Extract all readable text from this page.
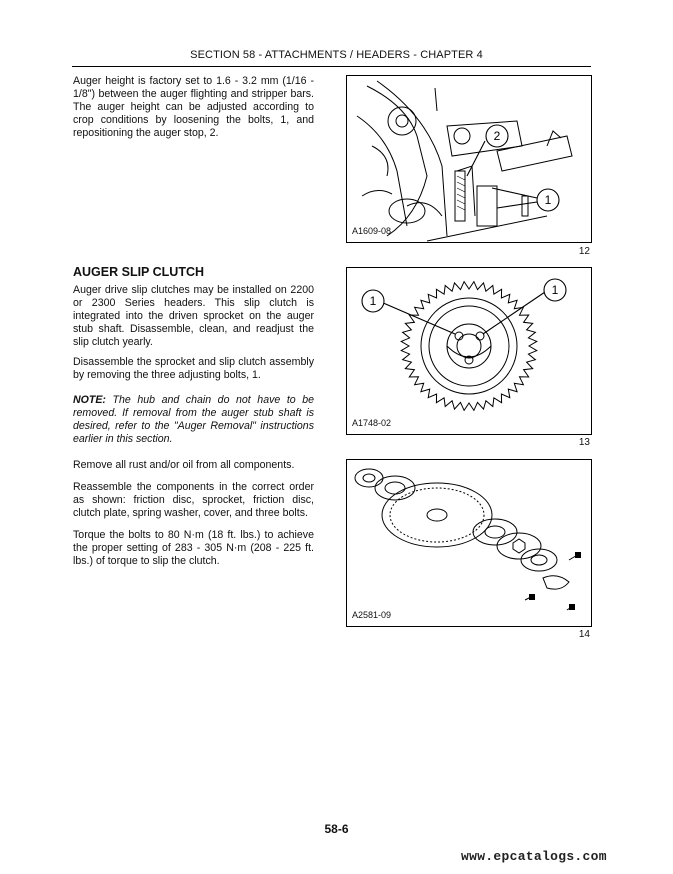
SECTION 58 - ATTACHMENTS / HEADERS - CHAPTER 4

Auger height is factory set to 1.6 - 3.2 mm (1/16 - 1/8") between the auger flighting and stripper bars. The auger height can be adjusted according to crop conditions by loosening the bolts, 1, and repositioning the auger stop, 2.

AUGER SLIP CLUTCH

Auger drive slip clutches may be installed on 2200 or 2300 Series headers. This slip clutch is integrated into the driven sprocket on the auger stub shaft. Disassemble, clean, and readjust the slip clutch yearly.

Disassemble the sprocket and slip clutch assembly by removing the three adjusting bolts, 1.

NOTE: The hub and chain do not have to be removed. If removal from the auger stub shaft is desired, refer to the "Auger Removal" instructions earlier in this section.

Remove all rust and/or oil from all components.

Reassemble the components in the correct order as shown: friction disc, sprocket, friction disc, clutch plate, spring washer, cover, and three bolts.

Torque the bolts to 80 N·m (18 ft. lbs.) to achieve the proper setting of 283 - 305 N·m (208 - 225 ft. lbs.) of torque to slip the clutch.

2
1
A1609-08
12
1
1
A1748-02
13
A2581-09
14
58-6
www.epcatalogs.com
